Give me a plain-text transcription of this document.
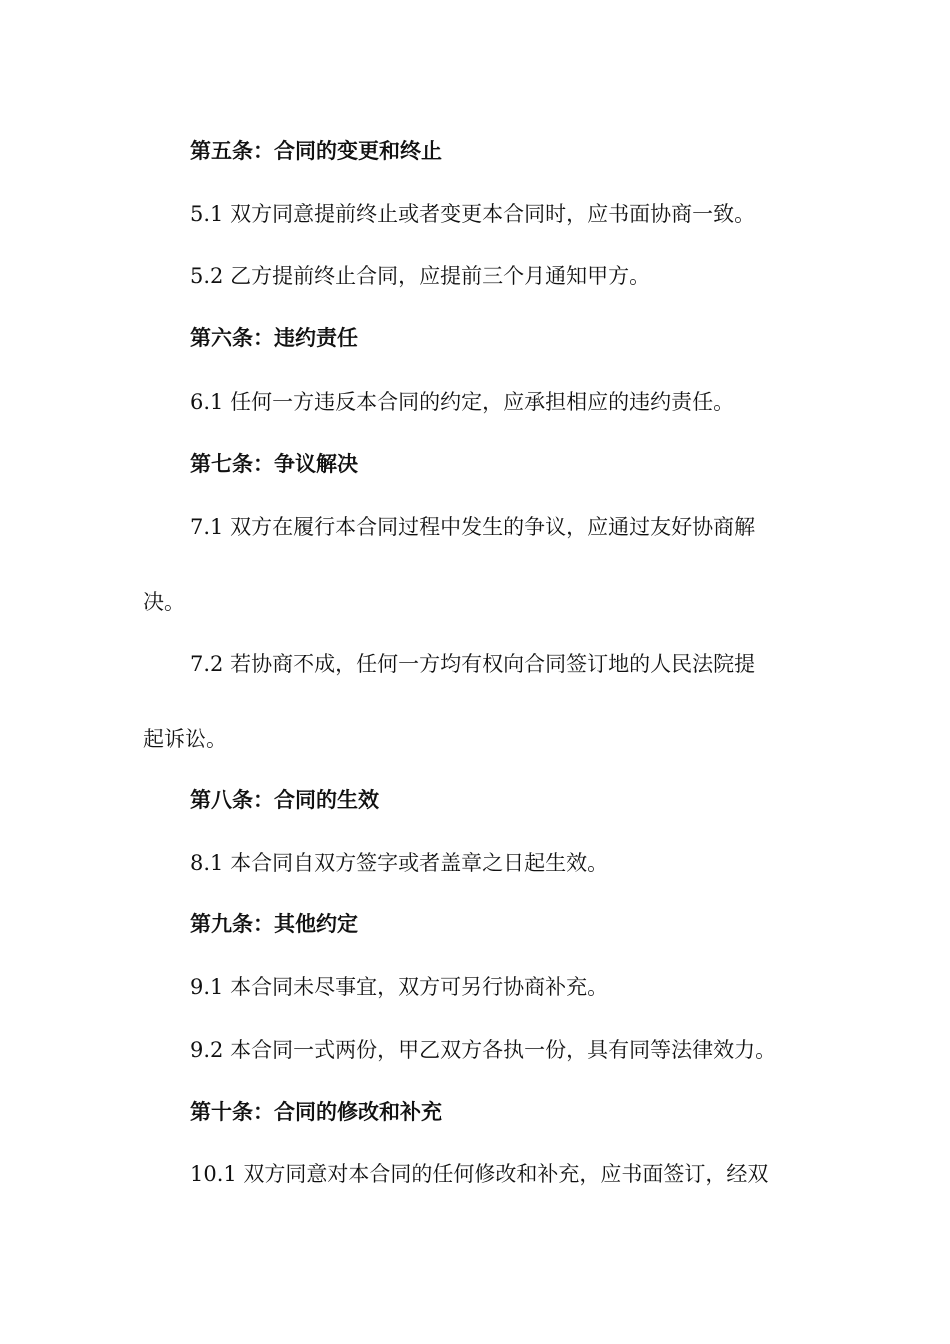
第五条：合同的变更和终止
5.1 双方同意提前终止或者变更本合同时，应书面协商一致。
5.2 乙方提前终止合同，应提前三个月通知甲方。
第六条：违约责任
6.1 任何一方违反本合同的约定，应承担相应的违约责任。
第七条：争议解决
7.1 双方在履行本合同过程中发生的争议，应通过友好协商解
决。
7.2 若协商不成，任何一方均有权向合同签订地的人民法院提
起诉讼。
第八条：合同的生效
8.1 本合同自双方签字或者盖章之日起生效。
第九条：其他约定
9.1 本合同未尽事宜，双方可另行协商补充。
9.2 本合同一式两份，甲乙双方各执一份，具有同等法律效力。
第十条：合同的修改和补充
10.1 双方同意对本合同的任何修改和补充，应书面签订，经双
